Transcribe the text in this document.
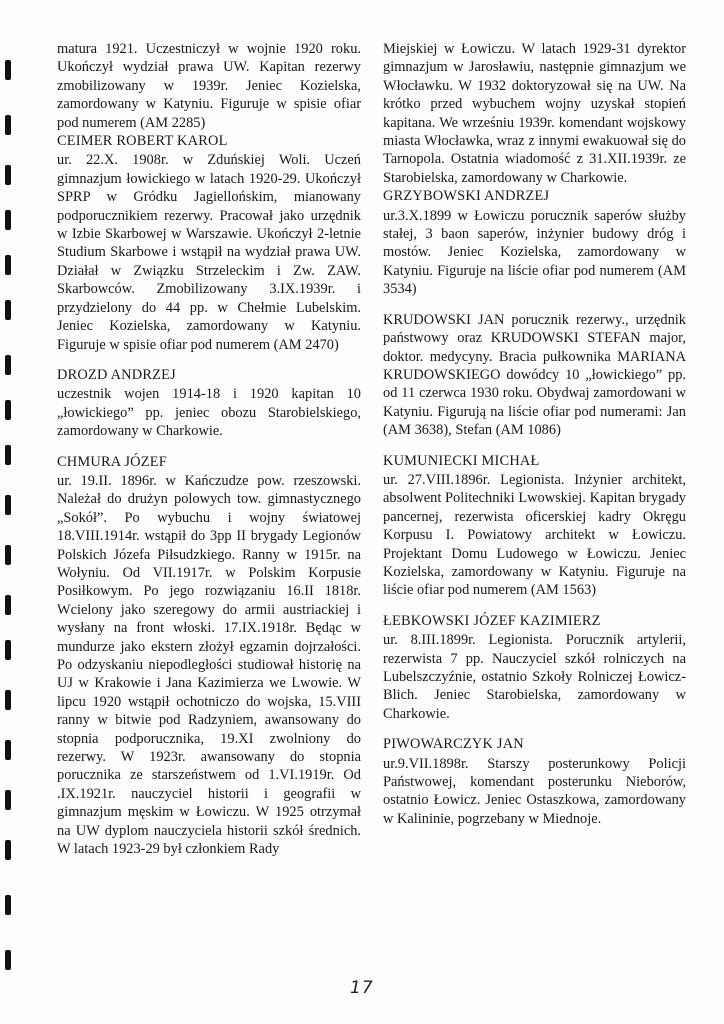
matura 1921. Uczestniczył w wojnie 1920 roku. Ukończył wydział prawa UW. Kapitan rezerwy zmobilizowany w 1939r. Jeniec Kozielska, zamordowany w Katyniu. Figuruje w spisie ofiar pod numerem (AM 2285)

CEIMER ROBERT KAROL

ur. 22.X. 1908r. w Zduńskiej Woli. Uczeń gimnazjum łowickiego w latach 1920-29. Ukończył SPRP w Gródku Jagiellońskim, mianowany podporucznikiem rezerwy. Pracował jako urzędnik w Izbie Skarbowej w Warszawie. Ukończył 2-letnie Studium Skarbowe i wstąpił na wydział prawa UW. Działał w Związku Strzeleckim i Zw. ZAW. Skarbowców. Zmobilizowany 3.IX.1939r. i przydzielony do 44 pp. w Chełmie Lubelskim. Jeniec Kozielska, zamordowany w Katyniu. Figuruje w spisie ofiar pod numerem (AM 2470)

DROZD ANDRZEJ

uczestnik wojen 1914-18 i 1920 kapitan 10 „łowickiego” pp. jeniec obozu Starobielskiego, zamordowany w Charkowie.

CHMURA JÓZEF

ur. 19.II. 1896r. w Kańczudze pow. rzeszowski. Należał do drużyn polowych tow. gimnastycznego „Sokół”. Po wybuchu i wojny światowej 18.VIII.1914r. wstąpił do 3pp II brygady Legionów Polskich Józefa Piłsudzkiego. Ranny w 1915r. na Wołyniu. Od VII.1917r. w Polskim Korpusie Posiłkowym. Po jego rozwiązaniu 16.II 1818r. Wcielony jako szeregowy do armii austriackiej i wysłany na front włoski. 17.IX.1918r. Będąc w mundurze jako ekstern złożył egzamin dojrzałości. Po odzyskaniu niepodległości studiował historię na UJ w Krakowie i Jana Kazimierza we Lwowie. W lipcu 1920 wstąpił ochotniczo do wojska, 15.VIII ranny w bitwie pod Radzyniem, awansowany do stopnia podporucznika, 19.XI zwolniony do rezerwy. W 1923r. awansowany do stopnia porucznika ze starszeństwem od 1.VI.1919r. Od .IX.1921r. nauczyciel historii i geografii w gimnazjum męskim w Łowiczu. W 1925 otrzymał na UW dyplom nauczyciela historii szkół średnich. W latach 1923-29 był członkiem Rady

Miejskiej w Łowiczu. W latach 1929-31 dyrektor gimnazjum w Jarosławiu, następnie gimnazjum we Włocławku. W 1932 doktoryzował się na UW. Na krótko przed wybuchem wojny uzyskał stopień kapitana. We wrześniu 1939r. komendant wojskowy miasta Włocławka, wraz z innymi ewakuował się do Tarnopola. Ostatnia wiadomość z 31.XII.1939r. ze Starobielska, zamordowany w Charkowie.

GRZYBOWSKI ANDRZEJ

ur.3.X.1899 w Łowiczu porucznik saperów służby stałej, 3 baon saperów, inżynier budowy dróg i mostów. Jeniec Kozielska, zamordowany w Katyniu. Figuruje na liście ofiar pod numerem (AM 3534)

KRUDOWSKI JAN porucznik rezerwy., urzędnik państwowy oraz KRUDOWSKI STEFAN major, doktor. medycyny. Bracia pułkownika MARIANA KRUDOWSKIEGO dowódcy 10 „łowickiego” pp. od 11 czerwca 1930 roku. Obydwaj zamordowani w Katyniu. Figurują na liście ofiar pod numerami: Jan (AM 3638), Stefan (AM 1086)

KUMUNIECKI MICHAŁ

ur. 27.VIII.1896r. Legionista. Inżynier architekt, absolwent Politechniki Lwowskiej. Kapitan brygady pancernej, rezerwista oficerskiej kadry Okręgu Korpusu I. Powiatowy architekt w Łowiczu. Projektant Domu Ludowego w Łowiczu. Jeniec Kozielska, zamordowany w Katyniu. Figuruje na liście ofiar pod numerem (AM 1563)

ŁEBKOWSKI JÓZEF KAZIMIERZ

ur. 8.III.1899r. Legionista. Porucznik artylerii, rezerwista 7 pp. Nauczyciel szkół rolniczych na Lubelszczyźnie, ostatnio Szkoły Rolniczej Łowicz-Blich. Jeniec Starobielska, zamordowany w Charkowie.

PIWOWARCZYK JAN

ur.9.VII.1898r. Starszy posterunkowy Policji Państwowej, komendant posterunku Nieborów, ostatnio Łowicz. Jeniec Ostaszkowa, zamordowany w Kalininie, pogrzebany w Miednoje.

17
